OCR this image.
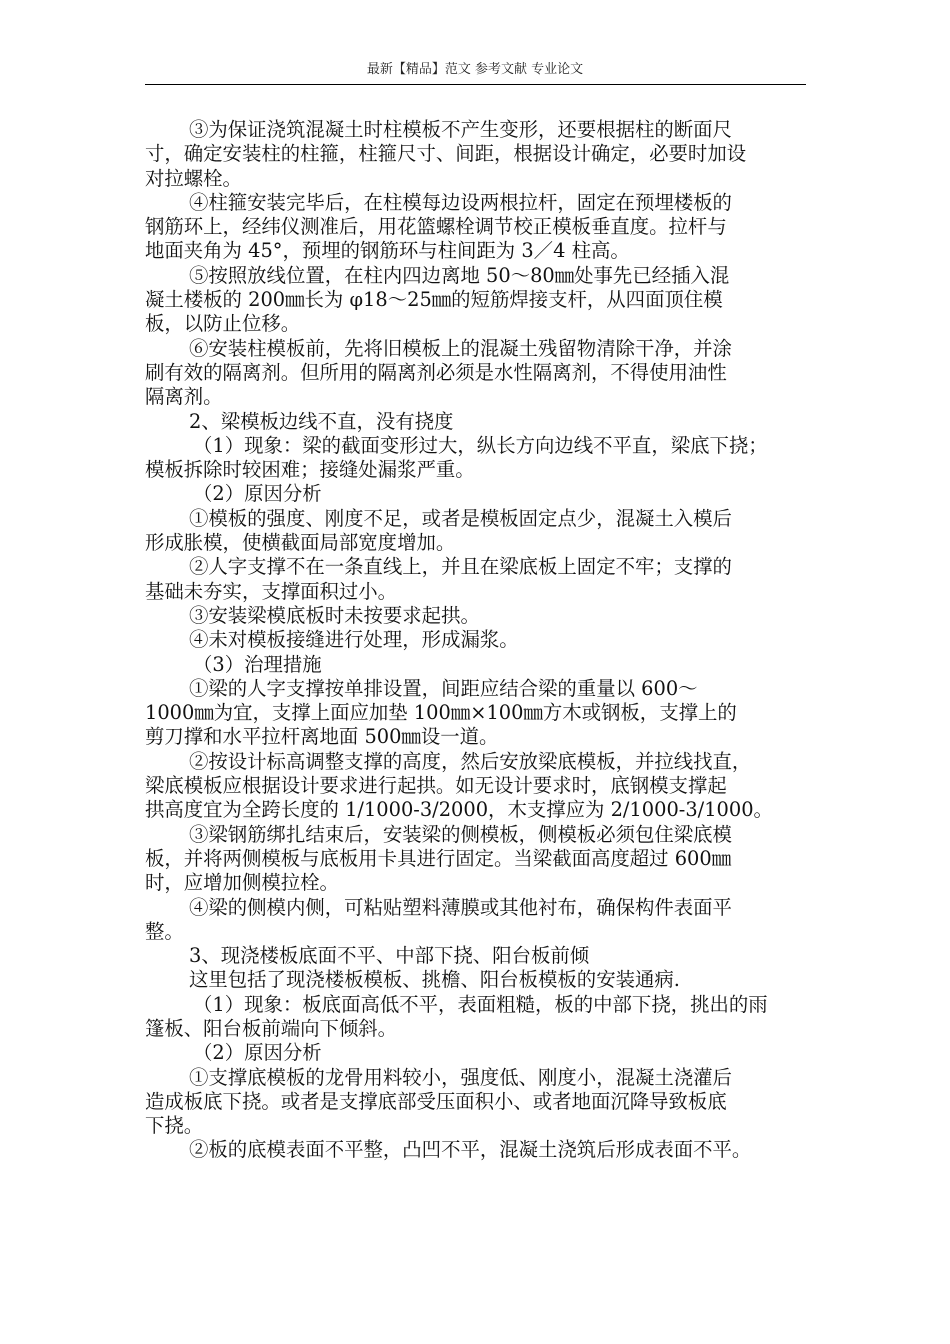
最新【精品】范文 参考文献 专业论文
③为保证浇筑混凝土时柱模板不产生变形，还要根据柱的断面尺
寸，确定安装柱的柱箍，柱箍尺寸、间距，根据设计确定，必要时加设
对拉螺栓。
④柱箍安装完毕后，在柱模每边设两根拉杆，固定在预埋楼板的
钢筋环上，经纬仪测准后，用花篮螺栓调节校正模板垂直度。拉杆与
地面夹角为 45°，预埋的钢筋环与柱间距为 3／4 柱高。
⑤按照放线位置，在柱内四边离地 50～80㎜处事先已经插入混
凝土楼板的 200㎜长为 φ18～25㎜的短筋焊接支杆，从四面顶住模
板，以防止位移。
⑥安装柱模板前，先将旧模板上的混凝土残留物清除干净，并涂
刷有效的隔离剂。但所用的隔离剂必须是水性隔离剂，不得使用油性
隔离剂。
2、梁模板边线不直，没有挠度
（1）现象：梁的截面变形过大，纵长方向边线不平直，梁底下挠；
模板拆除时较困难；接缝处漏浆严重。
（2）原因分析
①模板的强度、刚度不足，或者是模板固定点少，混凝土入模后
形成胀模，使横截面局部宽度增加。
②人字支撑不在一条直线上，并且在梁底板上固定不牢；支撑的
基础未夯实，支撑面积过小。
③安装梁模底板时未按要求起拱。
④未对模板接缝进行处理，形成漏浆。
（3）治理措施
①梁的人字支撑按单排设置，间距应结合梁的重量以 600～
1000㎜为宜，支撑上面应加垫 100㎜×100㎜方木或钢板，支撑上的
剪刀撑和水平拉杆离地面 500㎜设一道。
②按设计标高调整支撑的高度，然后安放梁底模板，并拉线找直，
梁底模板应根据设计要求进行起拱。如无设计要求时，底钢模支撑起
拱高度宜为全跨长度的 1/1000-3/2000，木支撑应为 2/1000-3/1000。
③梁钢筋绑扎结束后，安装梁的侧模板，侧模板必须包住梁底模
板，并将两侧模板与底板用卡具进行固定。当梁截面高度超过 600㎜
时，应增加侧模拉栓。
④梁的侧模内侧，可粘贴塑料薄膜或其他衬布，确保构件表面平
整。
3、现浇楼板底面不平、中部下挠、阳台板前倾
这里包括了现浇楼板模板、挑檐、阳台板模板的安装通病.
（1）现象：板底面高低不平，表面粗糙，板的中部下挠，挑出的雨
篷板、阳台板前端向下倾斜。
（2）原因分析
①支撑底模板的龙骨用料较小，强度低、刚度小，混凝土浇灌后
造成板底下挠。或者是支撑底部受压面积小、或者地面沉降导致板底
下挠。
②板的底模表面不平整，凸凹不平，混凝土浇筑后形成表面不平。
